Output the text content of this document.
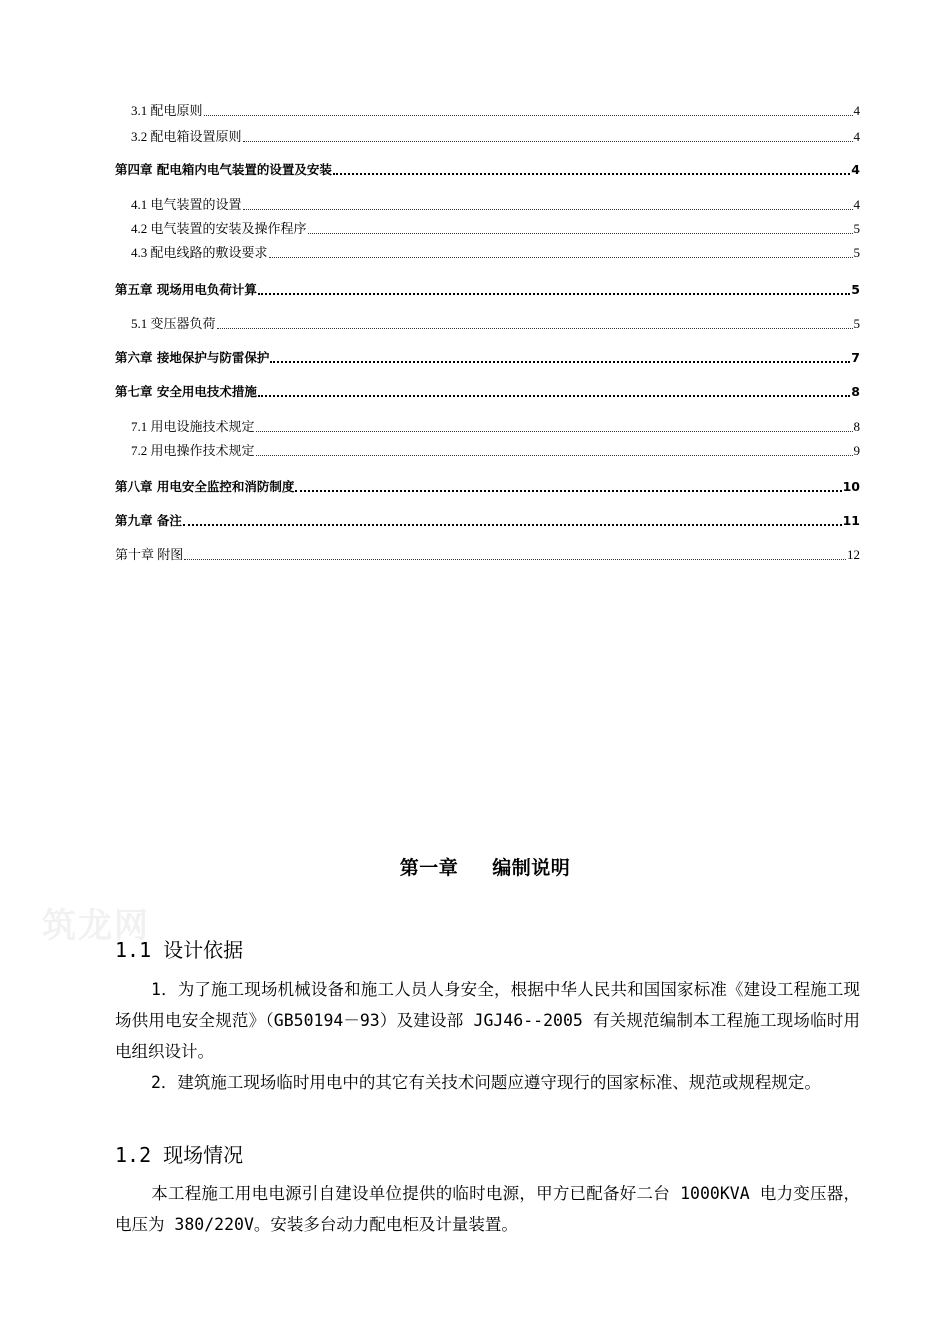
3.1 配电原则	4
3.2 配电箱设置原则	4
第四章 配电箱内电气装置的设置及安装	4
4.1 电气装置的设置	4
4.2 电气装置的安装及操作程序	5
4.3 配电线路的敷设要求	5
第五章 现场用电负荷计算	5
5.1 变压器负荷	5
第六章 接地保护与防雷保护	7
第七章 安全用电技术措施	8
7.1 用电设施技术规定	8
7.2 用电操作技术规定	9
第八章 用电安全监控和消防制度	10
第九章 备注	11
第十章 附图	12
筑龙网
第一章 编制说明
1.1 设计依据

1．为了施工现场机械设备和施工人员人身安全，根据中华人民共和国国家标准《建设工程施工现场供用电安全规范》（GB50194－93）及建设部 JGJ46--2005 有关规范编制本工程施工现场临时用电组织设计。

2．建筑施工现场临时用电中的其它有关技术问题应遵守现行的国家标准、规范或规程规定。

1.2 现场情况

本工程施工用电电源引自建设单位提供的临时电源，甲方已配备好二台 1000KVA 电力变压器，电压为 380/220V。安装多台动力配电柜及计量装置。
